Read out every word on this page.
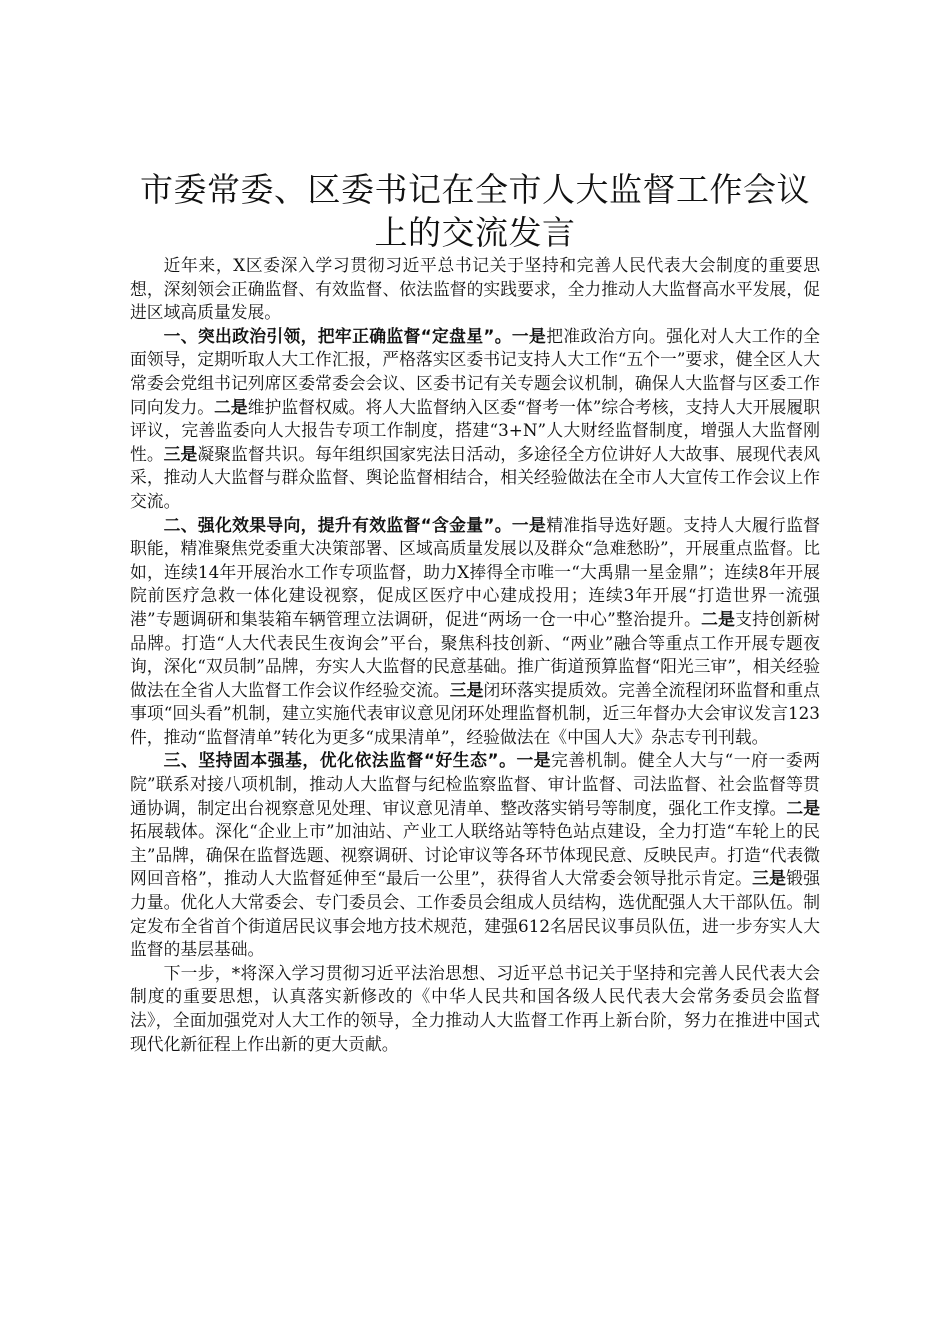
市委常委、区委书记在全市人大监督工作会议
上的交流发言

近年来，X区委深入学习贯彻习近平总书记关于坚持和完善人民代表大会制度的重要思想，深刻领会正确监督、有效监督、依法监督的实践要求，全力推动人大监督高水平发展，促进区域高质量发展。

一、突出政治引领，把牢正确监督“定盘星”。一是把准政治方向。强化对人大工作的全面领导，定期听取人大工作汇报，严格落实区委书记支持人大工作“五个一”要求，健全区人大常委会党组书记列席区委常委会会议、区委书记有关专题会议机制，确保人大监督与区委工作同向发力。二是维护监督权威。将人大监督纳入区委“督考一体”综合考核，支持人大开展履职评议，完善监委向人大报告专项工作制度，搭建“3+N”人大财经监督制度，增强人大监督刚性。三是凝聚监督共识。每年组织国家宪法日活动，多途径全方位讲好人大故事、展现代表风采，推动人大监督与群众监督、舆论监督相结合，相关经验做法在全市人大宣传工作会议上作交流。

二、强化效果导向，提升有效监督“含金量”。一是精准指导选好题。支持人大履行监督职能，精准聚焦党委重大决策部署、区域高质量发展以及群众“急难愁盼”，开展重点监督。比如，连续14年开展治水工作专项监督，助力X捧得全市唯一“大禹鼎一星金鼎”；连续8年开展院前医疗急救一体化建设视察，促成区医疗中心建成投用；连续3年开展“打造世界一流强港”专题调研和集装箱车辆管理立法调研，促进“两场一仓一中心”整治提升。二是支持创新树品牌。打造“人大代表民生夜询会”平台，聚焦科技创新、“两业”融合等重点工作开展专题夜询，深化“双员制”品牌，夯实人大监督的民意基础。推广街道预算监督“阳光三审”，相关经验做法在全省人大监督工作会议作经验交流。三是闭环落实提质效。完善全流程闭环监督和重点事项“回头看”机制，建立实施代表审议意见闭环处理监督机制，近三年督办大会审议发言123件，推动“监督清单”转化为更多“成果清单”，经验做法在《中国人大》杂志专刊刊载。

三、坚持固本强基，优化依法监督“好生态”。一是完善机制。健全人大与“一府一委两院”联系对接八项机制，推动人大监督与纪检监察监督、审计监督、司法监督、社会监督等贯通协调，制定出台视察意见处理、审议意见清单、整改落实销号等制度，强化工作支撑。二是拓展载体。深化“企业上市”加油站、产业工人联络站等特色站点建设，全力打造“车轮上的民主”品牌，确保在监督选题、视察调研、讨论审议等各环节体现民意、反映民声。打造“代表微网回音格”，推动人大监督延伸至“最后一公里”，获得省人大常委会领导批示肯定。三是锻强力量。优化人大常委会、专门委员会、工作委员会组成人员结构，选优配强人大干部队伍。制定发布全省首个街道居民议事会地方技术规范，建强612名居民议事员队伍，进一步夯实人大监督的基层基础。

下一步，*将深入学习贯彻习近平法治思想、习近平总书记关于坚持和完善人民代表大会制度的重要思想，认真落实新修改的《中华人民共和国各级人民代表大会常务委员会监督法》，全面加强党对人大工作的领导，全力推动人大监督工作再上新台阶，努力在推进中国式现代化新征程上作出新的更大贡献。
